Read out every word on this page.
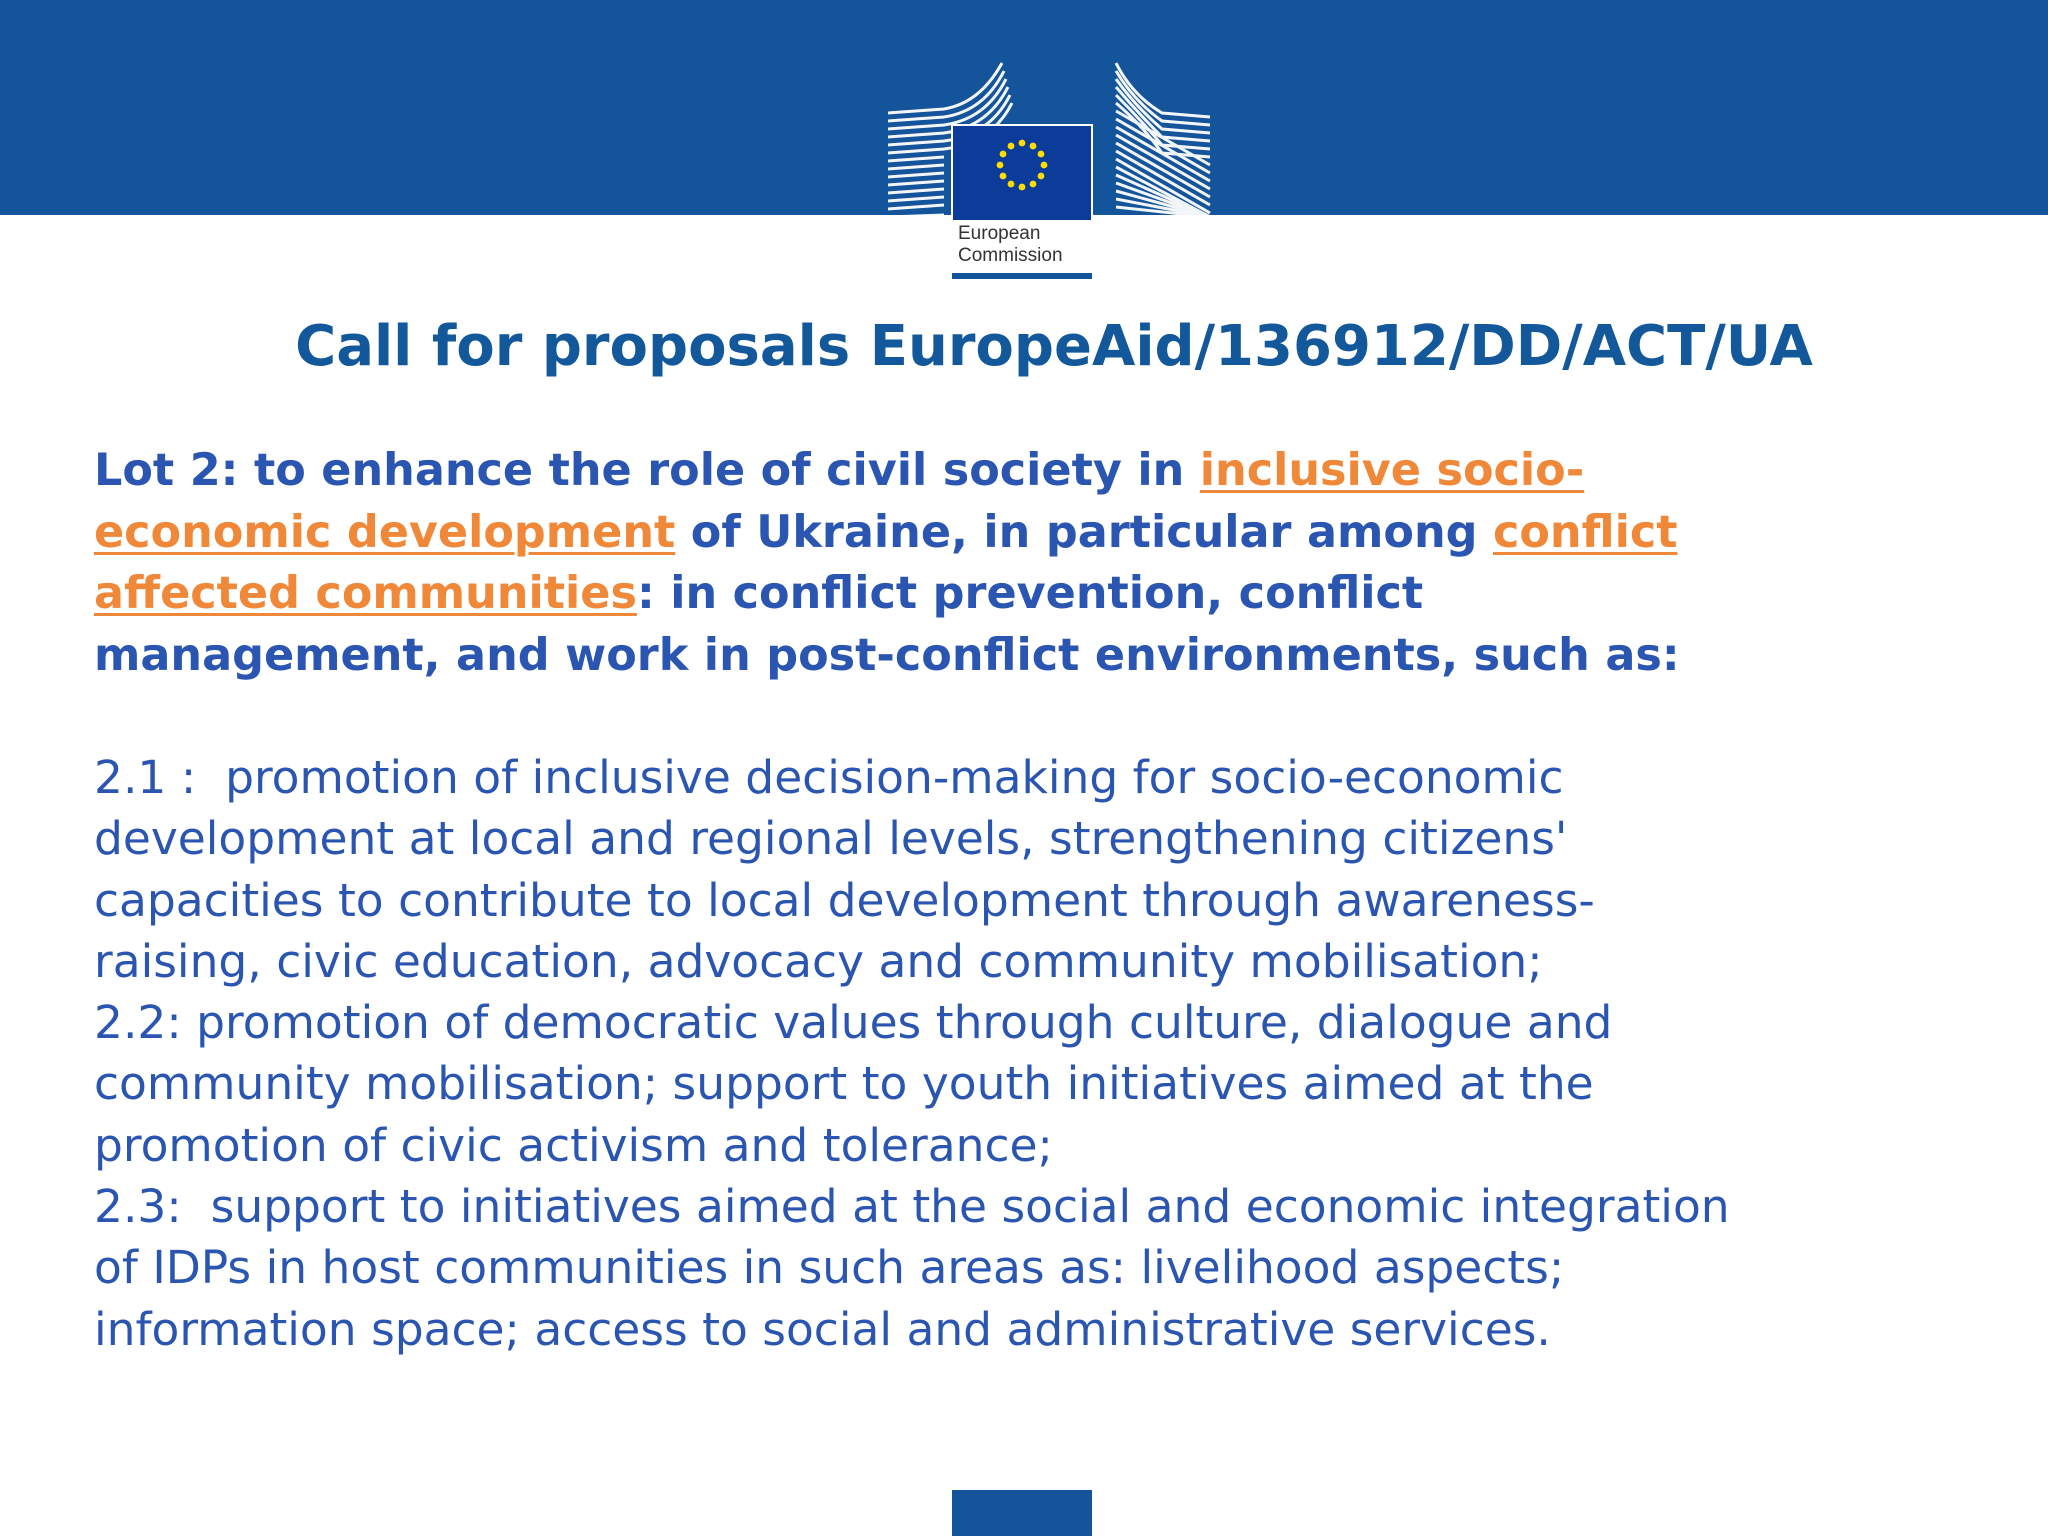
European
Commission
Call for proposals EuropeAid/136912/DD/ACT/UA
Lot 2: to enhance the role of civil society in inclusive socio-
economic development of Ukraine, in particular among conflict
affected communities: in conflict prevention, conflict
management, and work in post-conflict environments, such as:
2.1 :  promotion of inclusive decision-making for socio-economic
development at local and regional levels, strengthening citizens'
capacities to contribute to local development through awareness-
raising, civic education, advocacy and community mobilisation;
2.2: promotion of democratic values through culture, dialogue and
community mobilisation; support to youth initiatives aimed at the
promotion of civic activism and tolerance;
2.3:  support to initiatives aimed at the social and economic integration
of IDPs in host communities in such areas as: livelihood aspects;
information space; access to social and administrative services.
